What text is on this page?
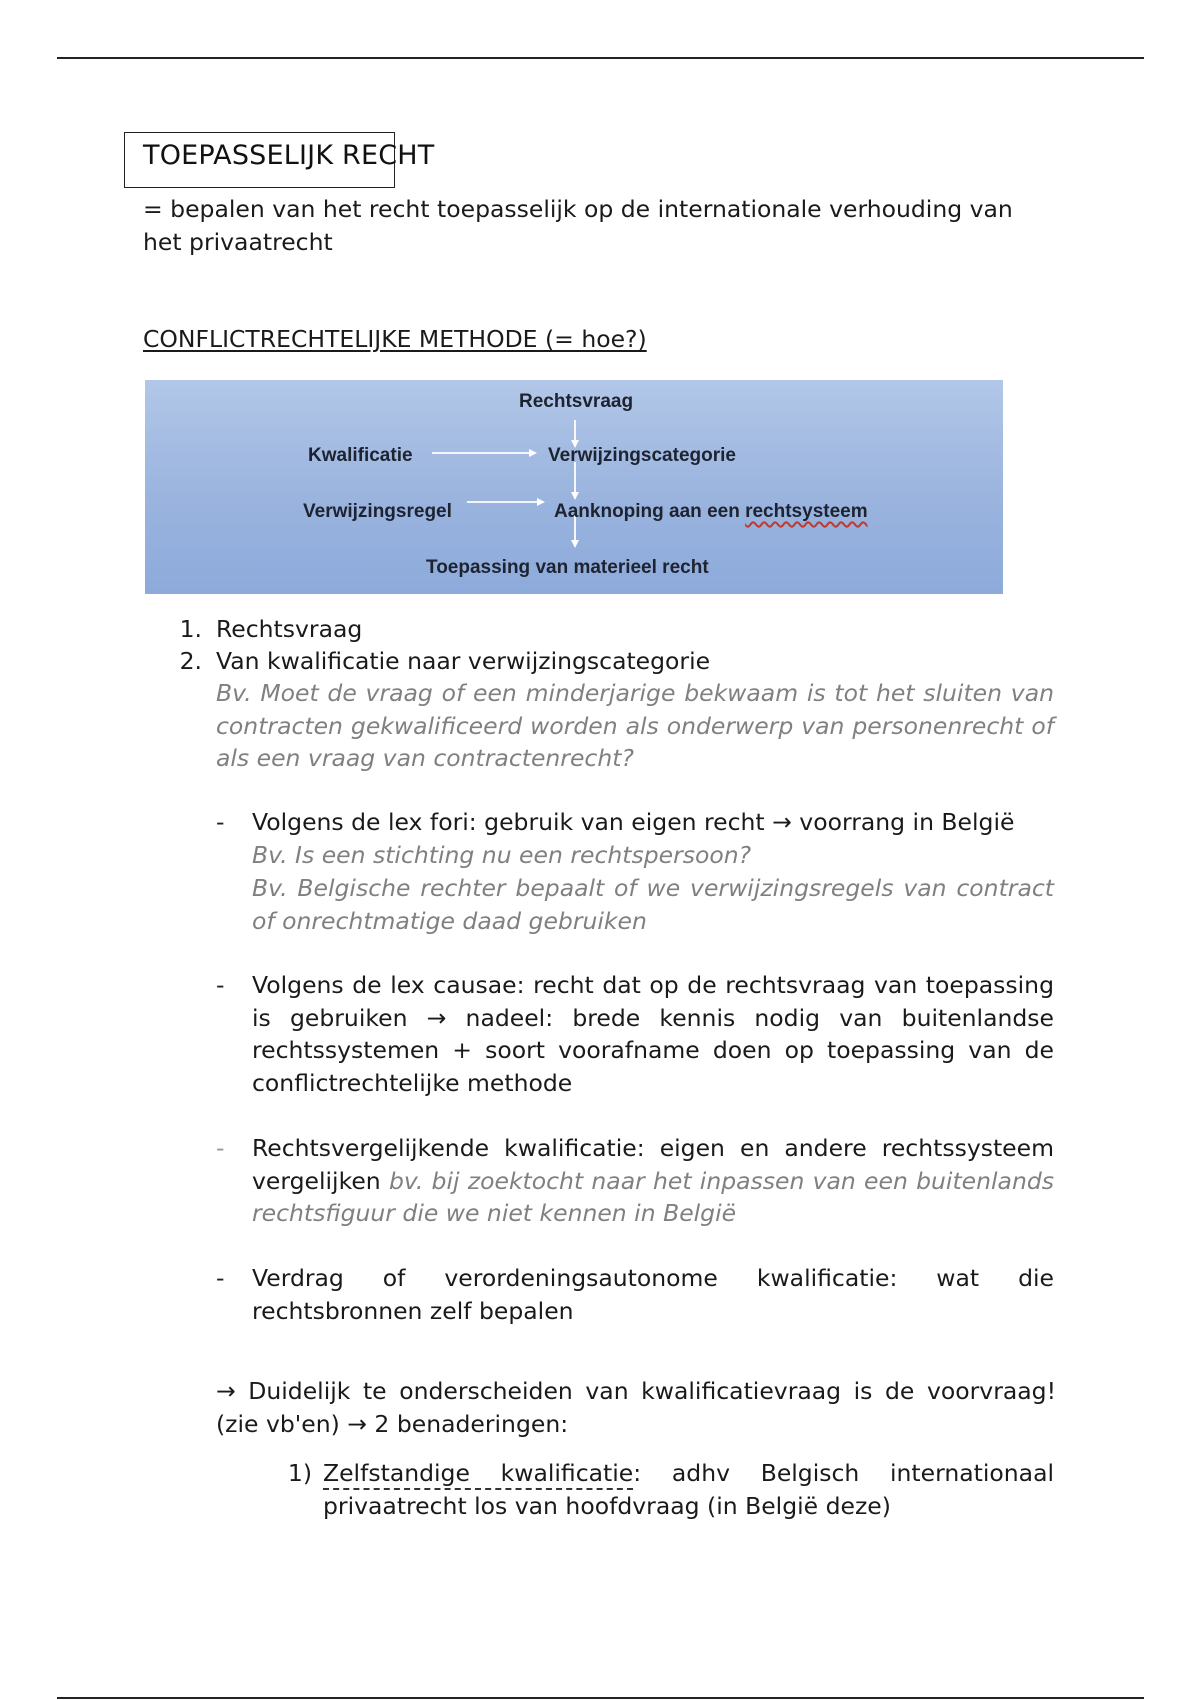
TOEPASSELIJK RECHT
= bepalen van het recht toepasselijk op de internationale verhouding van het privaatrecht
CONFLICTRECHTELIJKE METHODE (= hoe?)
Rechtsvraag
Kwalificatie	Verwijzingscategorie
Verwijzingsregel	Aanknoping aan een rechtsysteem
Toepassing van materieel recht
1. Rechtsvraag
2. Van kwalificatie naar verwijzingscategorie
Bv. Moet de vraag of een minderjarige bekwaam is tot het sluiten van contracten gekwalificeerd worden als onderwerp van personenrecht of als een vraag van contractenrecht?
- Volgens de lex fori: gebruik van eigen recht → voorrang in België
Bv. Is een stichting nu een rechtspersoon?
Bv. Belgische rechter bepaalt of we verwijzingsregels van contract of onrechtmatige daad gebruiken
- Volgens de lex causae: recht dat op de rechtsvraag van toepassing is gebruiken → nadeel: brede kennis nodig van buitenlandse rechtssystemen + soort voorafname doen op toepassing van de conflictrechtelijke methode
- Rechtsvergelijkende kwalificatie: eigen en andere rechtssysteem vergelijken bv. bij zoektocht naar het inpassen van een buitenlands rechtsfiguur die we niet kennen in België
- Verdrag of verordeningsautonome kwalificatie: wat die rechtsbronnen zelf bepalen
→ Duidelijk te onderscheiden van kwalificatievraag is de voorvraag! (zie vb'en) → 2 benaderingen:
1) Zelfstandige kwalificatie: adhv Belgisch internationaal privaatrecht los van hoofdvraag (in België deze)
